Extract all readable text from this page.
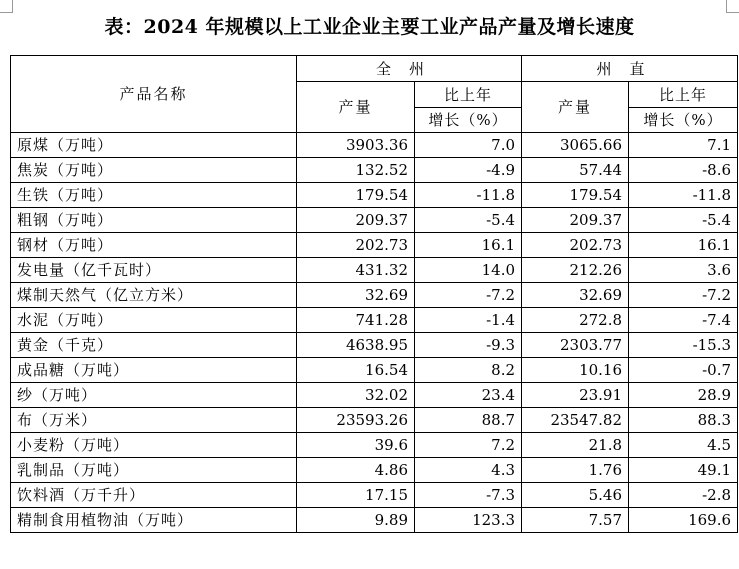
表：2024 年规模以上工业企业主要工业产品产量及增长速度
产品名称	全州		州直	
	产量	比上年	产量	比上年
		增长（%）		增长（%）
原煤（万吨）	3903.36	7.0	3065.66	7.1
焦炭（万吨）	132.52	-4.9	57.44	-8.6
生铁（万吨）	179.54	-11.8	179.54	-11.8
粗钢（万吨）	209.37	-5.4	209.37	-5.4
钢材（万吨）	202.73	16.1	202.73	16.1
发电量（亿千瓦时）	431.32	14.0	212.26	3.6
煤制天然气（亿立方米）	32.69	-7.2	32.69	-7.2
水泥（万吨）	741.28	-1.4	272.8	-7.4
黄金（千克）	4638.95	-9.3	2303.77	-15.3
成品糖（万吨）	16.54	8.2	10.16	-0.7
纱（万吨）	32.02	23.4	23.91	28.9
布（万米）	23593.26	88.7	23547.82	88.3
小麦粉（万吨）	39.6	7.2	21.8	4.5
乳制品（万吨）	4.86	4.3	1.76	49.1
饮料酒（万千升）	17.15	-7.3	5.46	-2.8
精制食用植物油（万吨）	9.89	123.3	7.57	169.6
